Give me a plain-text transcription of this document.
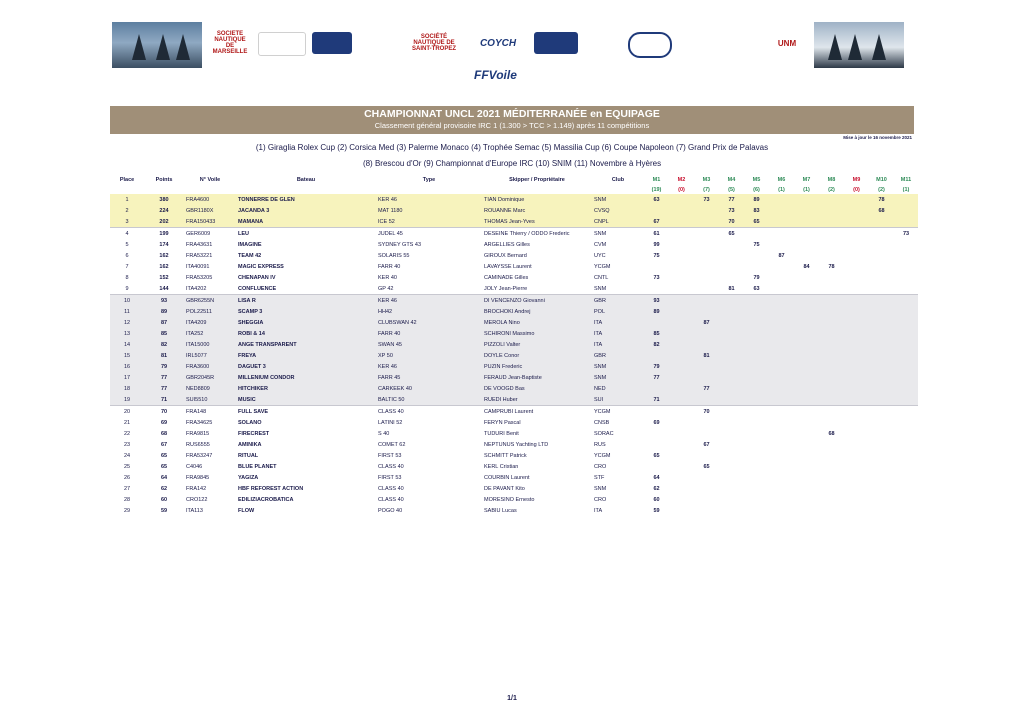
SOCIETE NAUTIQUE DE MARSEILLE
SOCIÉTÉ NAUTIQUE DE SAINT-TROPEZ
COYCH	UNM
FFVoile
CHAMPIONNAT UNCL 2021 MÉDITERRANÉE en EQUIPAGE
Classement général provisoire IRC 1 (1.300 > TCC > 1.149) après 11 compétitions
Mise à jour le 16 novembre 2021
(1) Giraglia Rolex Cup (2) Corsica Med (3) Palerme Monaco (4) Trophée Semac (5) Massilia Cup (6) Coupe Napoleon (7) Grand Prix de Palavas
(8) Brescou d'Or (9) Championnat d'Europe IRC (10) SNIM (11) Novembre à Hyères
Place	Points	N° Voile	Bateau	Type	Skipper / Propriétaire	Club	M1	M2	M3	M4	M5	M6	M7	M8	M9	M10	M11
							(19)	(0)	(7)	(5)	(6)	(1)	(1)	(2)	(0)	(2)	(1)
1	380	FRA4600	TONNERRE DE GLEN	KER 46	TIAN Dominique	SNM	63		73	77	89					78	
2	224	GBR1180X	JACANDA 3	MAT 1180	ROUANNE Marc	CVSQ				73	83					68	
3	202	FRA150433	MAMANA	ICE 52	THOMAS Jean-Yves	CNPL	67			70	65						
4	199	GER6009	LEU	JUDEL 45	DESEINE Thierry / ODDO Frederic	SNM	61			65							73
5	174	FRA43631	IMAGINE	SYDNEY GTS 43	ARGELLIES Gilles	CVM	99				75						
6	162	FRA53221	TEAM 42	SOLARIS 55	GIROUX Bernard	UYC	75					87					
7	162	ITA40091	MAGIC EXPRESS	FARR 40	LAVAYSSE Laurent	YCGM							84	78			
8	152	FRA53205	CHENAPAN IV	KER 40	CAMINADE Gilles	CNTL	73				79						
9	144	ITA4202	CONFLUENCE	GP 42	JOLY Jean-Pierre	SNM				81	63						
10	93	GBR6255N	LISA R	KER 46	DI VENCENZO Giovanni	GBR	93										
11	89	POL22511	SCAMP 3	HH42	BROCHOKI Andrej	POL	89										
12	87	ITA4209	SHEGGIA	CLUBSWAN 42	MEROLA Nino	ITA			87								
13	85	ITA252	ROBI & 14	FARR 40	SCHIRONI Massimo	ITA	85										
14	82	ITA15000	ANGE TRANSPARENT	SWAN 45	PIZZOLI Valter	ITA	82										
15	81	IRL5077	FREYA	XP 50	DOYLE Conor	GBR			81								
16	79	FRA3600	DAGUET 3	KER 46	PUZIN Frederic	SNM	79										
17	77	GBR2045R	MILLENIUM CONDOR	FARR 45	FERAUD Jean-Baptiste	SNM	77										
18	77	NED8809	HITCHIKER	CARKEEK 40	DE VOOGD Bas	NED			77								
19	71	SUI5510	MUSIC	BALTIC 50	RUEDI Huber	SUI	71										
20	70	FRA148	FULL SAVE	CLASS 40	CAMPRUBI Laurent	YCGM			70								
21	69	FRA34625	SOLANO	LATINI 52	FERYN Pascal	CNSB	69										
22	68	FRA9815	FIRECREST	S 40	TUDURI Benit	SORAC								68			
23	67	RUS6555	AMINIKA	COMET 62	NEPTUNUS Yachting LTD	RUS			67								
24	65	FRA53247	RITUAL	FIRST 53	SCHMITT Patrick	YCGM	65										
25	65	C4046	BLUE PLANET	CLASS 40	KERL Cristian	CRO			65								
26	64	FRA9845	YAGIZA	FIRST 53	COURBIN Laurent	STF	64										
27	62	FRA142	HBF REFOREST ACTION	CLASS 40	DE PAVANT Kito	SNM	62										
28	60	CRO122	EDILIZIACROBATICA	CLASS 40	MORESINO Ernesto	CRO	60										
29	59	ITA113	FLOW	POGO 40	SABIU Lucas	ITA	59										
1/1
